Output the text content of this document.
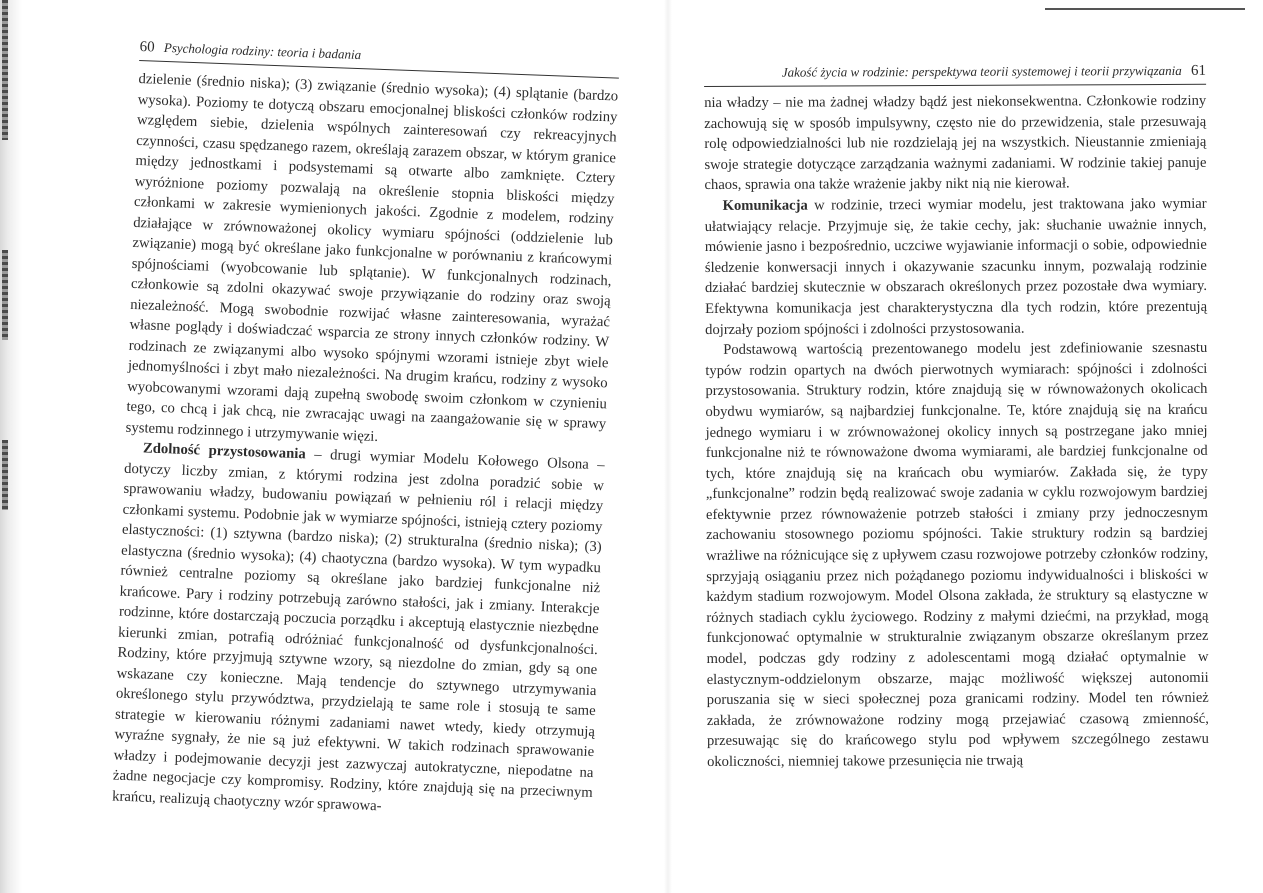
60 Psychologia rodziny: teoria i badania

dzielenie (średnio niska); (3) związanie (średnio wysoka); (4) splątanie (bardzo wysoka). Poziomy te dotyczą obszaru emocjonalnej bliskości członków rodziny względem siebie, dzielenia wspólnych zainteresowań czy rekreacyjnych czynności, czasu spędzanego razem, określają zarazem obszar, w którym granice między jednostkami i podsystemami są otwarte albo zamknięte. Cztery wyróżnione poziomy pozwalają na określenie stopnia bliskości między członkami w zakresie wymienionych jakości. Zgodnie z modelem, rodziny działające w zrównoważonej okolicy wymiaru spójności (oddzielenie lub związanie) mogą być określane jako funkcjonalne w porównaniu z krańcowymi spójnościami (wyobcowanie lub splątanie). W funkcjonalnych rodzinach, członkowie są zdolni okazywać swoje przywiązanie do rodziny oraz swoją niezależność. Mogą swobodnie rozwijać własne zainteresowania, wyrażać własne poglądy i doświadczać wsparcia ze strony innych członków rodziny. W rodzinach ze związanymi albo wysoko spójnymi wzorami istnieje zbyt wiele jednomyślności i zbyt mało niezależności. Na drugim krańcu, rodziny z wysoko wyobcowanymi wzorami dają zupełną swobodę swoim członkom w czynieniu tego, co chcą i jak chcą, nie zwracając uwagi na zaangażowanie się w sprawy systemu rodzinnego i utrzymywanie więzi.

Zdolność przystosowania – drugi wymiar Modelu Kołowego Olsona – dotyczy liczby zmian, z którymi rodzina jest zdolna poradzić sobie w sprawowaniu władzy, budowaniu powiązań w pełnieniu ról i relacji między członkami systemu. Podobnie jak w wymiarze spójności, istnieją cztery poziomy elastyczności: (1) sztywna (bardzo niska); (2) strukturalna (średnio niska); (3) elastyczna (średnio wysoka); (4) chaotyczna (bardzo wysoka). W tym wypadku również centralne poziomy są określane jako bardziej funkcjonalne niż krańcowe. Pary i rodziny potrzebują zarówno stałości, jak i zmiany. Interakcje rodzinne, które dostarczają poczucia porządku i akceptują elastycznie niezbędne kierunki zmian, potrafią odróżniać funkcjonalność od dysfunkcjonalności. Rodziny, które przyjmują sztywne wzory, są niezdolne do zmian, gdy są one wskazane czy konieczne. Mają tendencje do sztywnego utrzymywania określonego stylu przywództwa, przydzielają te same role i stosują te same strategie w kierowaniu różnymi zadaniami nawet wtedy, kiedy otrzymują wyraźne sygnały, że nie są już efektywni. W takich rodzinach sprawowanie władzy i podejmowanie decyzji jest zazwyczaj autokratyczne, niepodatne na żadne negocjacje czy kompromisy. Rodziny, które znajdują się na przeciwnym krańcu, realizują chaotyczny wzór sprawowa-

Jakość życia w rodzinie: perspektywa teorii systemowej i teorii przywiązania 61

nia władzy – nie ma żadnej władzy bądź jest niekonsekwentna. Członkowie rodziny zachowują się w sposób impulsywny, często nie do przewidzenia, stale przesuwają rolę odpowiedzialności lub nie rozdzielają jej na wszystkich. Nieustannie zmieniają swoje strategie dotyczące zarządzania ważnymi zadaniami. W rodzinie takiej panuje chaos, sprawia ona także wrażenie jakby nikt nią nie kierował.

Komunikacja w rodzinie, trzeci wymiar modelu, jest traktowana jako wymiar ułatwiający relacje. Przyjmuje się, że takie cechy, jak: słuchanie uważnie innych, mówienie jasno i bezpośrednio, uczciwe wyjawianie informacji o sobie, odpowiednie śledzenie konwersacji innych i okazywanie szacunku innym, pozwalają rodzinie działać bardziej skutecznie w obszarach określonych przez pozostałe dwa wymiary. Efektywna komunikacja jest charakterystyczna dla tych rodzin, które prezentują dojrzały poziom spójności i zdolności przystosowania.

Podstawową wartością prezentowanego modelu jest zdefiniowanie szesnastu typów rodzin opartych na dwóch pierwotnych wymiarach: spójności i zdolności przystosowania. Struktury rodzin, które znajdują się w równoważonych okolicach obydwu wymiarów, są najbardziej funkcjonalne. Te, które znajdują się na krańcu jednego wymiaru i w zrównoważonej okolicy innych są postrzegane jako mniej funkcjonalne niż te równoważone dwoma wymiarami, ale bardziej funkcjonalne od tych, które znajdują się na krańcach obu wymiarów. Zakłada się, że typy „funkcjonalne” rodzin będą realizować swoje zadania w cyklu rozwojowym bardziej efektywnie przez równoważenie potrzeb stałości i zmiany przy jednoczesnym zachowaniu stosownego poziomu spójności. Takie struktury rodzin są bardziej wrażliwe na różnicujące się z upływem czasu rozwojowe potrzeby członków rodziny, sprzyjają osiąganiu przez nich pożądanego poziomu indywidualności i bliskości w każdym stadium rozwojowym. Model Olsona zakłada, że struktury są elastyczne w różnych stadiach cyklu życiowego. Rodziny z małymi dziećmi, na przykład, mogą funkcjonować optymalnie w strukturalnie związanym obszarze określanym przez model, podczas gdy rodziny z adolescentami mogą działać optymalnie w elastycznym-oddzielonym obszarze, mając możliwość większej autonomii poruszania się w sieci społecznej poza granicami rodziny. Model ten również zakłada, że zrównoważone rodziny mogą przejawiać czasową zmienność, przesuwając się do krańcowego stylu pod wpływem szczególnego zestawu okoliczności, niemniej takowe przesunięcia nie trwają
